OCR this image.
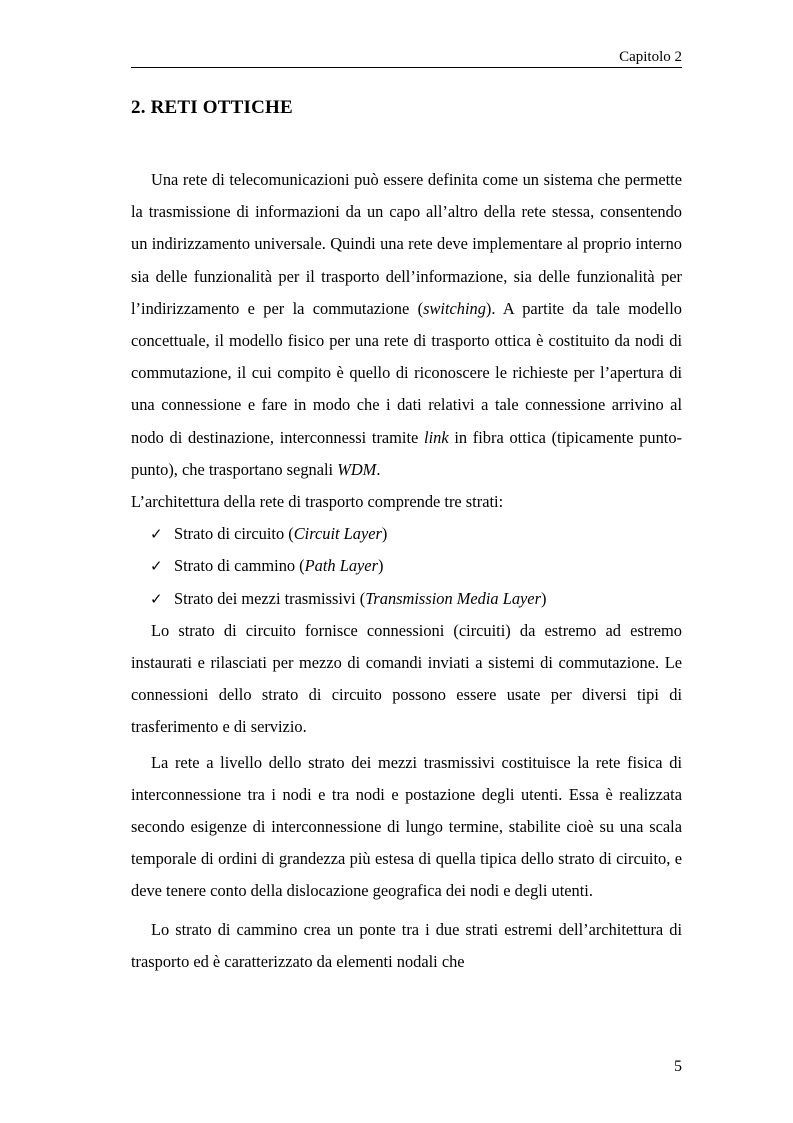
Capitolo 2
2. RETI OTTICHE

Una rete di telecomunicazioni può essere definita come un sistema che permette la trasmissione di informazioni da un capo all’altro della rete stessa, consentendo un indirizzamento universale. Quindi una rete deve implementare al proprio interno sia delle funzionalità per il trasporto dell’informazione, sia delle funzionalità per l’indirizzamento e per la commutazione (switching). A partite da tale modello concettuale, il modello fisico per una rete di trasporto ottica è costituito da nodi di commutazione, il cui compito è quello di riconoscere le richieste per l’apertura di una connessione e fare in modo che i dati relativi a tale connessione arrivino al nodo di destinazione, interconnessi tramite link in fibra ottica (tipicamente punto-punto), che trasportano segnali WDM.

L’architettura della rete di trasporto comprende tre strati:

✓ Strato di circuito (Circuit Layer)
✓ Strato di cammino (Path Layer)
✓ Strato dei mezzi trasmissivi (Transmission Media Layer)

Lo strato di circuito fornisce connessioni (circuiti) da estremo ad estremo instaurati e rilasciati per mezzo di comandi inviati a sistemi di commutazione. Le connessioni dello strato di circuito possono essere usate per diversi tipi di trasferimento e di servizio.

La rete a livello dello strato dei mezzi trasmissivi costituisce la rete fisica di interconnessione tra i nodi e tra nodi e postazione degli utenti. Essa è realizzata secondo esigenze di interconnessione di lungo termine, stabilite cioè su una scala temporale di ordini di grandezza più estesa di quella tipica dello strato di circuito, e deve tenere conto della dislocazione geografica dei nodi e degli utenti.

Lo strato di cammino crea un ponte tra i due strati estremi dell’architettura di trasporto ed è caratterizzato da elementi nodali che

5
